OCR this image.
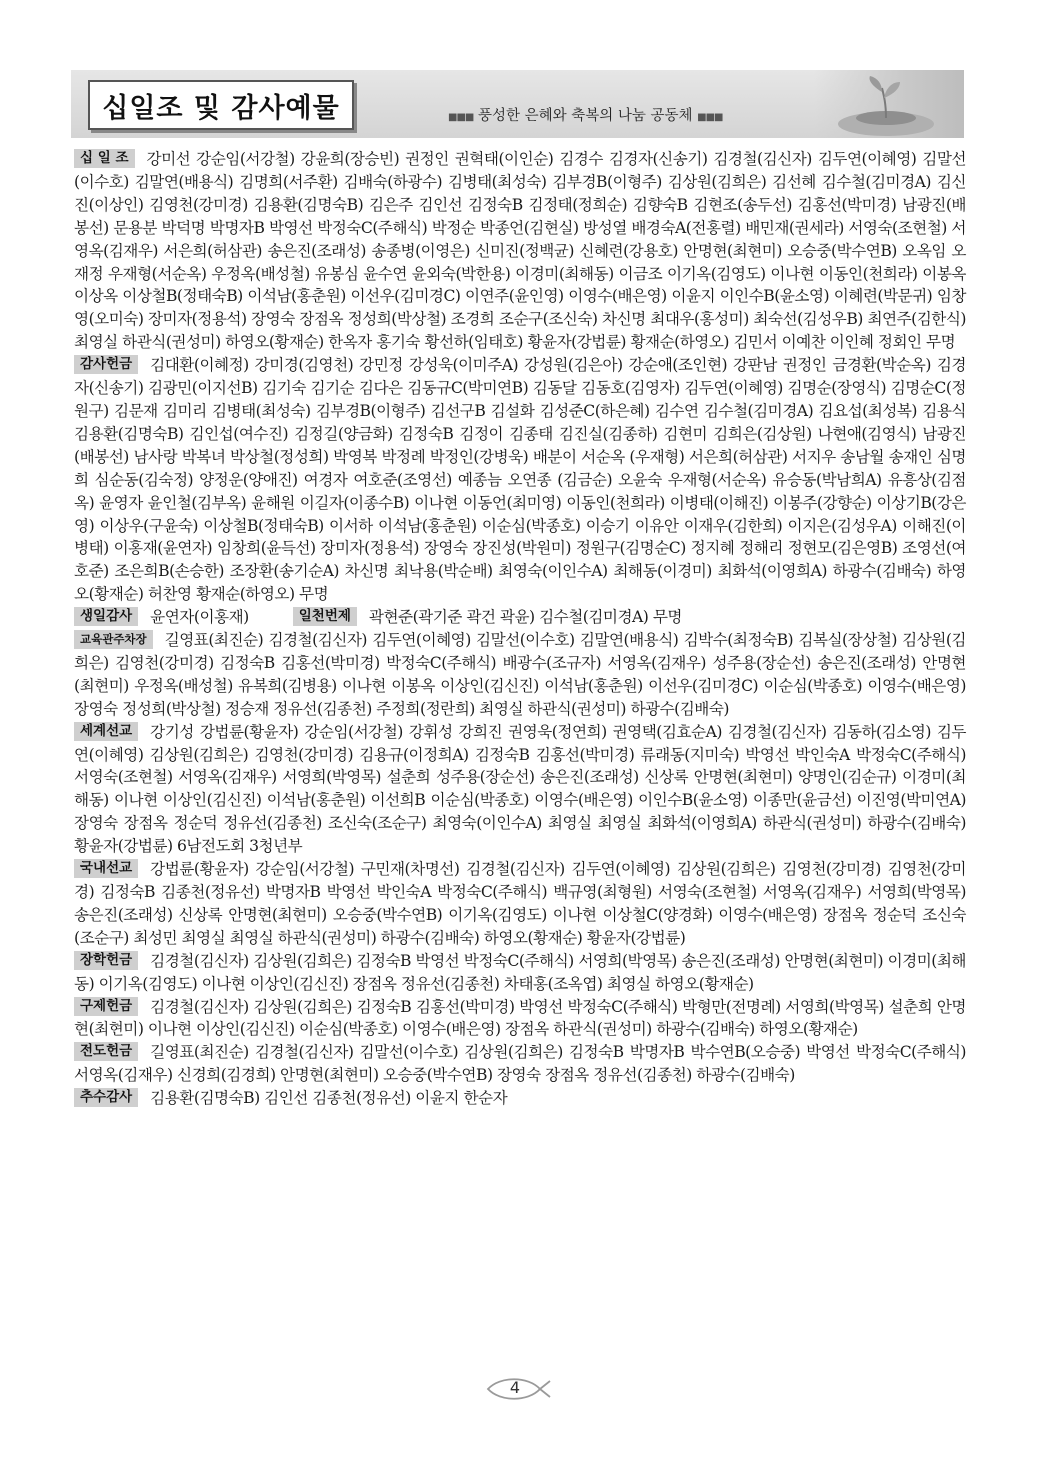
십일조 및 감사예물	■■■ 풍성한 은혜와 축복의 나눔 공동체 ■■■

십 일 조 강미선 강순임(서강철) 강윤희(장승빈) 권정인 권혁태(이인순) 김경수 김경자(신송기) 김경철(김신자) 김두연(이혜영) 김말선(이수호) 김말연(배용식) 김명희(서주환) 김배숙(하광수) 김병태(최성숙) 김부경B(이형주) 김상원(김희은) 김선혜 김수철(김미경A) 김신진(이상인) 김영천(강미경) 김용환(김명숙B) 김은주 김인선 김정숙B 김정태(정희순) 김향숙B 김현조(송두선) 김홍선(박미경) 남광진(배봉선) 문용분 박덕명 박명자B 박영선 박정숙C(주해식) 박정순 박종언(김현실) 방성열 배경숙A(전홍렬) 배민재(권세라) 서영숙(조현철) 서영옥(김재우) 서은희(허삼관) 송은진(조래성) 송종병(이영은) 신미진(정백균) 신혜련(강용호) 안명현(최현미) 오승중(박수연B) 오옥임 오재정 우재형(서순옥) 우정옥(배성철) 유봉심 윤수연 윤외숙(박한용) 이경미(최해동) 이금조 이기옥(김영도) 이나현 이동인(천희라) 이봉옥 이상옥 이상철B(정태숙B) 이석남(홍춘원) 이선우(김미경C) 이연주(윤인영) 이영수(배은영) 이윤지 이인수B(윤소영) 이혜련(박문귀) 임창영(오미숙) 장미자(정용석) 장영숙 장점옥 정성희(박상철) 조경희 조순구(조신숙) 차신명 최대우(홍성미) 최숙선(김성우B) 최연주(김한식) 최영실 하관식(권성미) 하영오(황재순) 한옥자 홍기숙 황선하(임태호) 황윤자(강법륜) 황재순(하영오) 김민서 이예찬 이인혜 정회인 무명

감사헌금 김대환(이혜정) 강미경(김영천) 강민정 강성욱(이미주A) 강성원(김은아) 강순애(조인현) 강판남 권정인 금경환(박순옥) 김경자(신송기) 김광민(이지선B) 김기숙 김기순 김다은 김동규C(박미연B) 김동달 김동호(김영자) 김두연(이혜영) 김명순(장영식) 김명순C(정원구) 김문재 김미리 김병태(최성숙) 김부경B(이형주) 김선구B 김설화 김성준C(하은혜) 김수연 김수철(김미경A) 김요섭(최성복) 김용식 김용환(김명숙B) 김인섭(여수진) 김정길(양금화) 김정숙B 김정이 김종태 김진실(김종하) 김현미 김희은(김상원) 나현애(김영식) 남광진(배봉선) 남사랑 박복녀 박상철(정성희) 박영복 박정례 박정인(강병욱) 배분이 서순옥 (우재형) 서은희(허삼관) 서지우 송남월 송재인 심명희 심순동(김숙정) 양정운(양애진) 여경자 여호준(조영선) 예종늠 오연종 (김금순) 오윤숙 우재형(서순옥) 유승동(박남희A) 유흥상(김점옥) 윤영자 윤인철(김부옥) 윤해원 이길자(이종수B) 이나현 이동언(최미영) 이동인(천희라) 이병태(이해진) 이봉주(강향순) 이상기B(강은영) 이상우(구윤숙) 이상철B(정태숙B) 이서하 이석남(홍춘원) 이순심(박종호) 이승기 이유안 이재우(김한희) 이지은(김성우A) 이해진(이병태) 이홍재(윤연자) 임창희(윤득선) 장미자(정용석) 장영숙 장진성(박원미) 정원구(김명순C) 정지혜 정해리 정현모(김은영B) 조영선(여호준) 조은희B(손승한) 조장환(송기순A) 차신명 최낙용(박순배) 최영숙(이인수A) 최해동(이경미) 최화석(이영희A) 하광수(김배숙) 하영오(황재순) 허찬영 황재순(하영오) 무명

생일감사 윤연자(이홍재)	일천번제 곽현준(곽기준 곽건 곽윤) 김수철(김미경A) 무명

교육관주차장 길영표(최진순) 김경철(김신자) 김두연(이혜영) 김말선(이수호) 김말연(배용식) 김박수(최정숙B) 김복실(장상철) 김상원(김희은) 김영천(강미경) 김정숙B 김홍선(박미경) 박정숙C(주해식) 배광수(조규자) 서영옥(김재우) 성주용(장순선) 송은진(조래성) 안명현(최현미) 우정옥(배성철) 유복희(김병용) 이나현 이봉옥 이상인(김신진) 이석남(홍춘원) 이선우(김미경C) 이순심(박종호) 이영수(배은영) 장영숙 정성희(박상철) 정승재 정유선(김종천) 주정희(정란희) 최영실 하관식(권성미) 하광수(김배숙)

세계선교 강기성 강법륜(황윤자) 강순임(서강철) 강휘성 강희진 권영욱(정연희) 권영택(김효순A) 김경철(김신자) 김동하(김소영) 김두연(이혜영) 김상원(김희은) 김영천(강미경) 김용규(이정희A) 김정숙B 김홍선(박미경) 류래동(지미숙) 박영선 박인숙A 박정숙C(주해식) 서영숙(조현철) 서영옥(김재우) 서영희(박영목) 설춘희 성주용(장순선) 송은진(조래성) 신상록 안명현(최현미) 양명인(김순규) 이경미(최해동) 이나현 이상인(김신진) 이석남(홍춘원) 이선희B 이순심(박종호) 이영수(배은영) 이인수B(윤소영) 이종만(윤금선) 이진영(박미연A) 장영숙 장점옥 정순덕 정유선(김종천) 조신숙(조순구) 최영숙(이인수A) 최영실 최영실 최화석(이영희A) 하관식(권성미) 하광수(김배숙) 황윤자(강법륜) 6남전도회 3청년부

국내선교 강법륜(황윤자) 강순임(서강철) 구민재(차명선) 김경철(김신자) 김두연(이혜영) 김상원(김희은) 김영천(강미경) 김영천(강미경) 김정숙B 김종천(정유선) 박명자B 박영선 박인숙A 박정숙C(주해식) 백규영(최형원) 서영숙(조현철) 서영옥(김재우) 서영희(박영목) 송은진(조래성) 신상록 안명현(최현미) 오승중(박수연B) 이기옥(김영도) 이나현 이상철C(양경화) 이영수(배은영) 장점옥 정순덕 조신숙(조순구) 최성민 최영실 최영실 하관식(권성미) 하광수(김배숙) 하영오(황재순) 황윤자(강법륜)

장학헌금 김경철(김신자) 김상원(김희은) 김정숙B 박영선 박정숙C(주해식) 서영희(박영목) 송은진(조래성) 안명현(최현미) 이경미(최해동) 이기옥(김영도) 이나현 이상인(김신진) 장점옥 정유선(김종천) 차태홍(조옥엽) 최영실 하영오(황재순)

구제헌금 김경철(김신자) 김상원(김희은) 김정숙B 김홍선(박미경) 박영선 박정숙C(주해식) 박형만(전명례) 서영희(박영목) 설춘희 안명현(최현미) 이나현 이상인(김신진) 이순심(박종호) 이영수(배은영) 장점옥 하관식(권성미) 하광수(김배숙) 하영오(황재순)

전도헌금 길영표(최진순) 김경철(김신자) 김말선(이수호) 김상원(김희은) 김정숙B 박명자B 박수연B(오승중) 박영선 박정숙C(주해식) 서영옥(김재우) 신경희(김경희) 안명현(최현미) 오승중(박수연B) 장영숙 장점옥 정유선(김종천) 하광수(김배숙)

추수감사 김용환(김명숙B) 김인선 김종천(정유선) 이윤지 한순자

4
